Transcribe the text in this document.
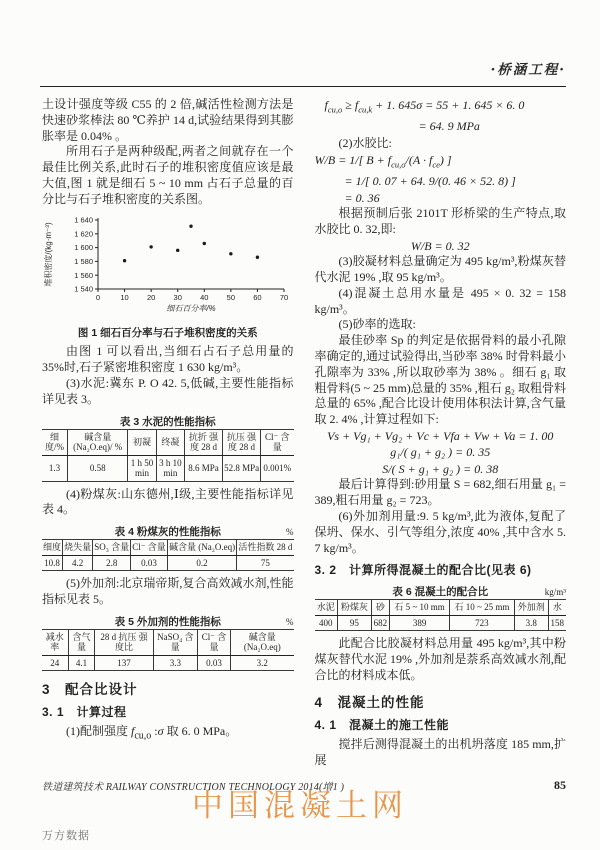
·桥涵工程·

土设计强度等级 C55 的 2 倍,碱活性检测方法是快速砂浆棒法 80 ℃养护 14 d,试验结果得到其膨胀率是 0.04% 。

所用石子是两种级配,两者之间就存在一个最佳比例关系,此时石子的堆积密度值应该是最大值,图 1 就是细石 5 ~ 10 mm 占石子总量的百分比与石子堆积密度的关系图。

1 540
1 560
1 580
1 600
1 620
1 640
0	10 20 30 40 50 60 70
细石百分率/%
堆积密度/(kg·m⁻³)
图 1 细石百分率与石子堆积密度的关系

由图 1 可以看出,当细石占石子总用量的 35%时,石子紧密堆积密度 1 630 kg/m³。

(3)水泥:冀东 P. O 42. 5,低碱,主要性能指标详见表 3。

表 3 水泥的性能指标
细度/%	碱含量 (Na₂O.eq)/ %	初凝	终凝	抗折 强度 28 d	抗压 强度 28 d	Cl⁻ 含量
1.3	0.58	1 h 50 min	3 h 10 min	8.6 MPa	52.8 MPa	0.001%

(4)粉煤灰:山东德州,Ⅰ级,主要性能指标详见表 4。

表 4 粉煤灰的性能指标	%
细度	烧失量	SO₃ 含量	Cl⁻ 含量	碱含量 (Na₂O.eq)	活性指数 28 d
10.8	4.2	2.8	0.03	0.2	75

(5)外加剂:北京瑞帝斯,复合高效减水剂,性能指标见表 5。

表 5 外加剂的性能指标	%
减水率	含气量	28 d 抗压 强度比	NaSO₄ 含量	Cl⁻ 含量	碱含量 (Na₂O.eq)
24	4.1	137	3.3	0.03	3.2
3　配合比设计
3. 1　计算过程

(1)配制强度 $f_{cu,o}$ :σ 取 6. 0 MPa。

$f_{cu,o} \ge f_{cu,k} + 1$. 645σ = 55 + 1. 645 × 6. 0
= 64. 9 MPa

(2)水胶比:

W/B = 1/[ $B + f_{cu,o}/(A \cdot f_{ce})$ ]
= 1/[ 0. 07 + 64. 9/(0. 46 × 52. 8) ]
= 0. 36

根据预制后张 2101T 形桥梁的生产特点,取水胶比 0. 32,即:

W/B = 0. 32

(3)胶凝材料总量确定为 495 kg/m³,粉煤灰替代水泥 19% ,取 95 kg/m³。

(4)混凝土总用水量是 495 × 0. 32 = 158 kg/m³。

(5)砂率的选取:

最佳砂率 Sp 的判定是依据骨料的最小孔隙率确定的,通过试验得出,当砂率 38% 时骨料最小孔隙率为 33% ,所以取砂率为 38% 。细石 g₁ 取粗骨料(5 ~ 25 mm)总量的 35% ,粗石 g₂ 取粗骨料总量的 65% ,配合比设计使用体积法计算,含气量取 2. 4% ,计算过程如下:

Vs + Vg₁ + Vg₂ + Vc + Vfa + Vw + Va = 1. 00
g₁/( g₁ + g₂ ) = 0. 35
S/( S + g₁ + g₂ ) = 0. 38

最后计算得到:砂用量 S = 682,细石用量 g₁ = 389,粗石用量 g₂ = 723。

(6)外加剂用量:9. 5 kg/m³,此为液体,复配了保坍、保水、引气等组分,浓度 40% ,其中含水 5. 7 kg/m³。

3. 2　计算所得混凝土的配合比(见表 6)
表 6 混凝土的配合比	kg/m³
水泥	粉煤灰	砂	石 5 ~ 10 mm	石 10 ~ 25 mm	外加剂	水
400	95	682	389	723	3.8	158

此配合比胶凝材料总用量 495 kg/m³,其中粉煤灰替代水泥 19% ,外加剂是萘系高效减水剂,配合比的材料成本低。

4　混凝土的性能
4. 1　混凝土的施工性能

搅拌后测得混凝土的出机坍落度 185 mm,扩展

铁道建筑技术 RAILWAY CONSTRUCTION TECHNOLOGY 2014(增1 )	85
中国混凝土网
万方数据
